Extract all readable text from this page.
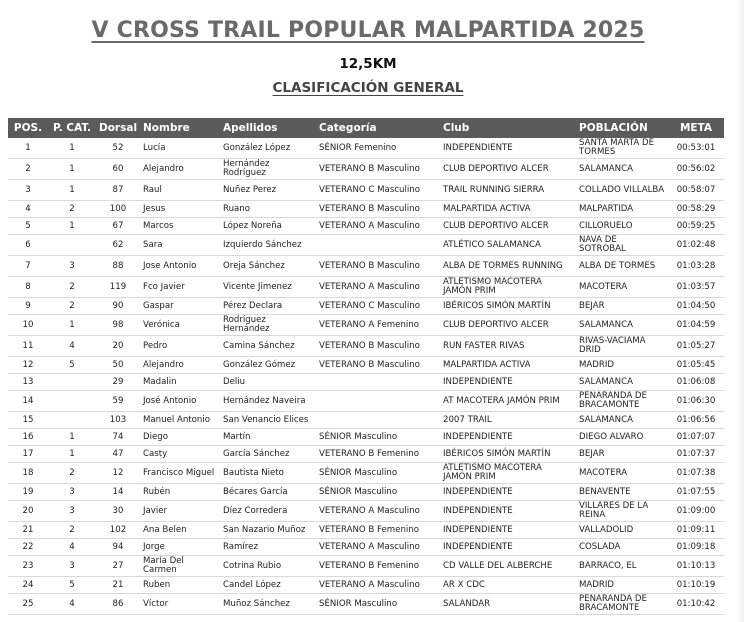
V CROSS TRAIL POPULAR MALPARTIDA 2025
12,5KM
CLASIFICACIÓN GENERAL
POS.	P. CAT.	Dorsal	Nombre	Apellidos	Categoría	Club	POBLACIÓN	META
1	1	52	Lucía	González López	SÉNIOR Femenino	INDEPENDIENTE	SANTA MARTA DE TORMES	00:53:01
2	1	60	Alejandro	Hernández Rodríguez	VETERANO B Masculino	CLUB DEPORTIVO ALCER	SALAMANCA	00:56:02
3	1	87	Raul	Nuñez Perez	VETERANO C Masculino	TRAIL RUNNING SIERRA	COLLADO VILLALBA	00:58:07
4	2	100	Jesus	Ruano	VETERANO B Masculino	MALPARTIDA ACTIVA	MALPARTIDA	00:58:29
5	1	67	Marcos	López Noreña	VETERANO A Masculino	CLUB DEPORTIVO ALCER	CILLORUELO	00:59:25
6		62	Sara	Izquierdo Sánchez		ATLÉTICO SALAMANCA	NAVA DE SOTROBAL	01:02:48
7	3	88	Jose Antonio	Oreja Sánchez	VETERANO B Masculino	ALBA DE TORMES RUNNING	ALBA DE TORMES	01:03:28
8	2	119	Fco Javier	Vicente Jimenez	VETERANO A Masculino	ATLETISMO MACOTERA JAMÓN PRIM	MACOTERA	01:03:57
9	2	90	Gaspar	Pérez Declara	VETERANO C Masculino	IBÉRICOS SIMÓN MARTÍN	BEJAR	01:04:50
10	1	98	Verónica	Rodríguez Hernández	VETERANO A Femenino	CLUB DEPORTIVO ALCER	SALAMANCA	01:04:59
11	4	20	Pedro	Camina Sánchez	VETERANO B Masculino	RUN FASTER RIVAS	RIVAS-VACIAMA DRID	01:05:27
12	5	50	Alejandro	González Gómez	VETERANO B Masculino	MALPARTIDA ACTIVA	MADRID	01:05:45
13		29	Madalin	Deliu		INDEPENDIENTE	SALAMANCA	01:06:08
14		59	José Antonio	Hernández Naveira		AT MACOTERA JAMÓN PRIM	PEÑARANDA DE BRACAMONTE	01:06:30
15		103	Manuel Antonio	San Venancio Elices		2007 TRAIL	SALAMANCA	01:06:56
16	1	74	Diego	Martín	SÉNIOR Masculino	INDEPENDIENTE	DIEGO ALVARO	01:07:07
17	1	47	Casty	García Sánchez	VETERANO B Femenino	IBÉRICOS SIMÓN MARTÍN	BEJAR	01:07:37
18	2	12	Francisco Miguel	Bautista Nieto	SÉNIOR Masculino	ATLETISMO MACOTERA JAMÓN PRIM	MACOTERA	01:07:38
19	3	14	Rubén	Bécares García	SÉNIOR Masculino	INDEPENDIENTE	BENAVENTE	01:07:55
20	3	30	Javier	Díez Corredera	VETERANO A Masculino	INDEPENDIENTE	VILLARES DE LA REINA	01:09:00
21	2	102	Ana Belen	San Nazario Muñoz	VETERANO B Femenino	INDEPENDIENTE	VALLADOLID	01:09:11
22	4	94	Jorge	Ramírez	VETERANO A Masculino	INDEPENDIENTE	COSLADA	01:09:18
23	3	27	María Del Carmen	Cotrina Rubio	VETERANO B Femenino	CD VALLE DEL ALBERCHE	BARRACO, EL	01:10:13
24	5	21	Ruben	Candel López	VETERANO A Masculino	AR X CDC	MADRID	01:10:19
25	4	86	Víctor	Muñoz Sánchez	SÉNIOR Masculino	SALANDAR	PEÑARANDA DE BRACAMONTE	01:10:42
